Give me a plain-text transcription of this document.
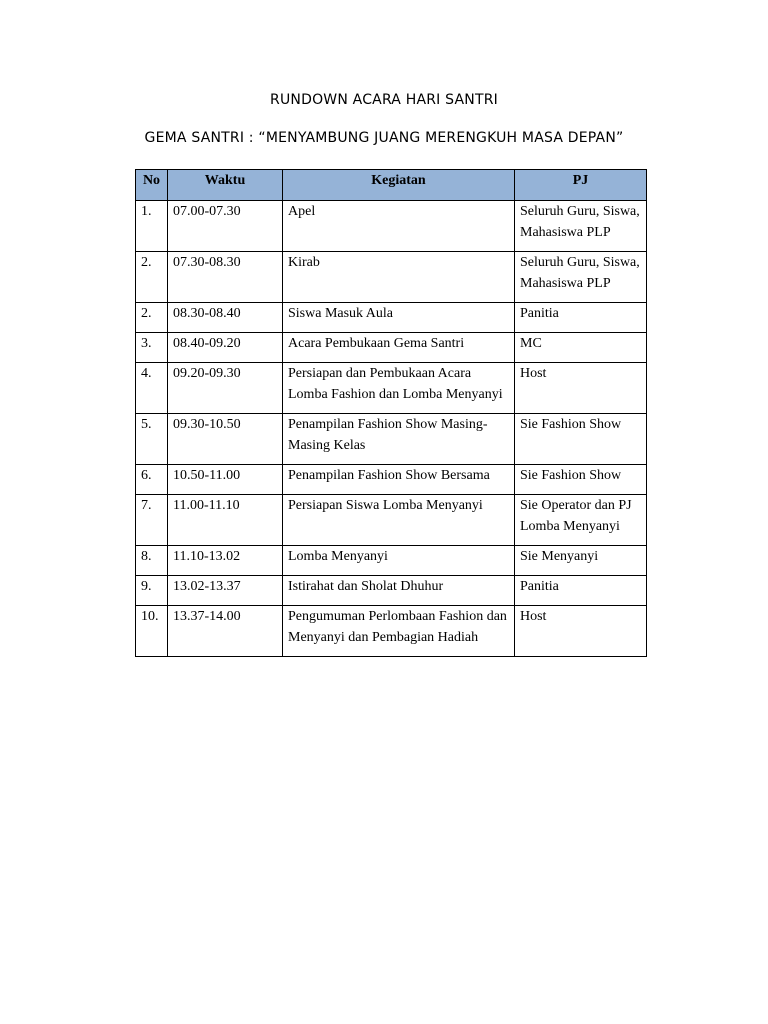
RUNDOWN ACARA HARI SANTRI
GEMA SANTRI : “MENYAMBUNG JUANG MERENGKUH MASA DEPAN”
No	Waktu	Kegiatan	PJ
1.	07.00-07.30	Apel	Seluruh Guru, Siswa, Mahasiswa PLP
2.	07.30-08.30	Kirab	Seluruh Guru, Siswa, Mahasiswa PLP
2.	08.30-08.40	Siswa Masuk Aula	Panitia
3.	08.40-09.20	Acara Pembukaan Gema Santri	MC
4.	09.20-09.30	Persiapan dan Pembukaan Acara Lomba Fashion dan Lomba Menyanyi	Host
5.	09.30-10.50	Penampilan Fashion Show Masing-Masing Kelas	Sie Fashion Show
6.	10.50-11.00	Penampilan Fashion Show Bersama	Sie Fashion Show
7.	11.00-11.10	Persiapan Siswa Lomba Menyanyi	Sie Operator dan PJ Lomba Menyanyi
8.	11.10-13.02	Lomba Menyanyi	Sie Menyanyi
9.	13.02-13.37	Istirahat dan Sholat Dhuhur	Panitia
10.	13.37-14.00	Pengumuman Perlombaan Fashion dan Menyanyi dan Pembagian Hadiah	Host
